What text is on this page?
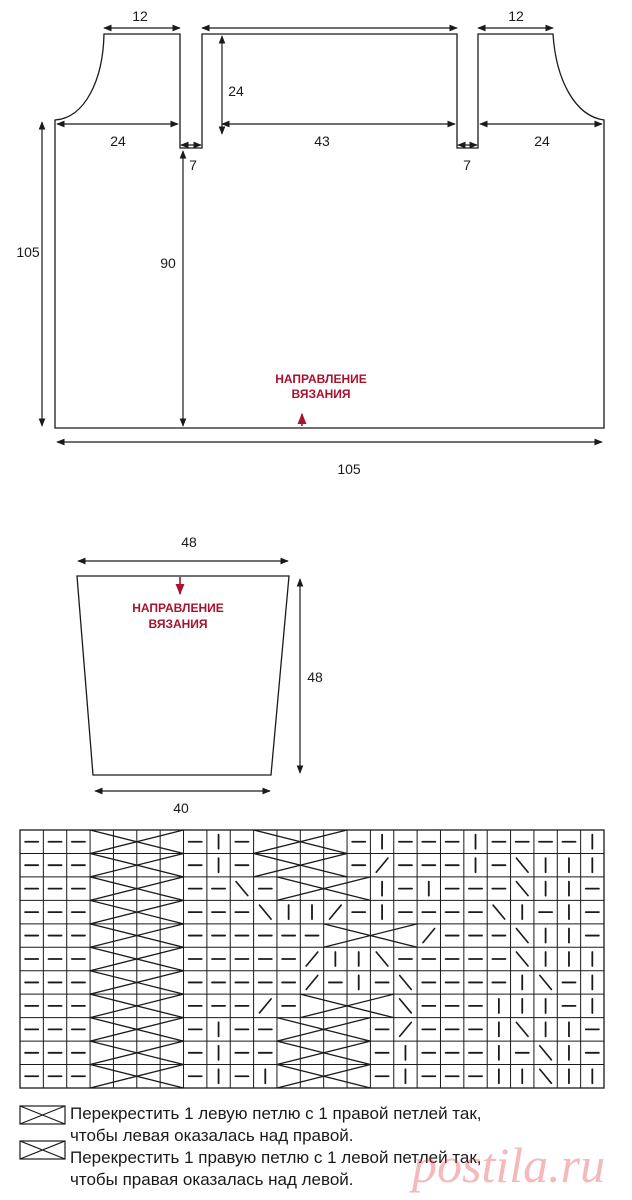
12	12
24
24	43	24
7	7
105
90
105
НАПРАВЛЕНИЕ
ВЯЗАНИЯ
48
48
40
НАПРАВЛЕНИЕ
ВЯЗАНИЯ
Перекрестить 1 левую петлю с 1 правой петлей так,
чтобы левая оказалась над правой.
Перекрестить 1 правую петлю с 1 левой петлей так,
чтобы правая оказалась над левой. postila.ru
